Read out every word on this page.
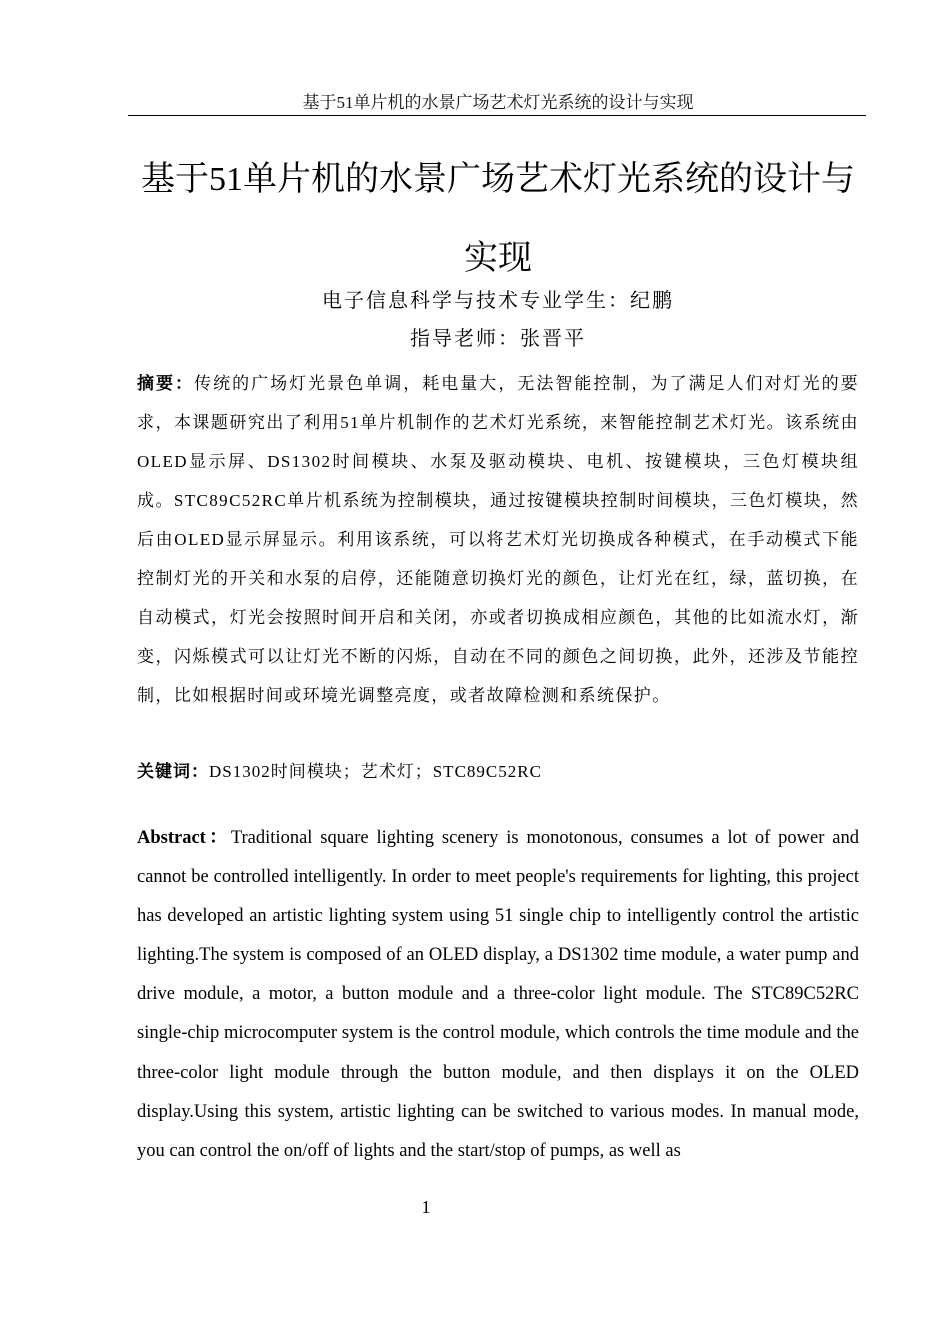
基于51单片机的水景广场艺术灯光系统的设计与实现
基于51单片机的水景广场艺术灯光系统的设计与实现
电子信息科学与技术专业学生：纪鹏
指导老师：张晋平

摘要：传统的广场灯光景色单调，耗电量大，无法智能控制，为了满足人们对灯光的要求，本课题研究出了利用51单片机制作的艺术灯光系统，来智能控制艺术灯光。该系统由OLED显示屏、DS1302时间模块、水泵及驱动模块、电机、按键模块，三色灯模块组成。STC89C52RC单片机系统为控制模块，通过按键模块控制时间模块，三色灯模块，然后由OLED显示屏显示。利用该系统，可以将艺术灯光切换成各种模式，在手动模式下能控制灯光的开关和水泵的启停，还能随意切换灯光的颜色，让灯光在红，绿，蓝切换，在自动模式，灯光会按照时间开启和关闭，亦或者切换成相应颜色，其他的比如流水灯，渐变，闪烁模式可以让灯光不断的闪烁，自动在不同的颜色之间切换，此外，还涉及节能控制，比如根据时间或环境光调整亮度，或者故障检测和系统保护。

关键词：DS1302时间模块；艺术灯；STC89C52RC

Abstract：Traditional square lighting scenery is monotonous, consumes a lot of power and cannot be controlled intelligently. In order to meet people's requirements for lighting, this project has developed an artistic lighting system using 51 single chip to intelligently control the artistic lighting.The system is composed of an OLED display, a DS1302 time module, a water pump and drive module, a motor, a button module and a three-color light module. The STC89C52RC single-chip microcomputer system is the control module, which controls the time module and the three-color light module through the button module, and then displays it on the OLED display.Using this system, artistic lighting can be switched to various modes. In manual mode, you can control the on/off of lights and the start/stop of pumps, as well as

1
